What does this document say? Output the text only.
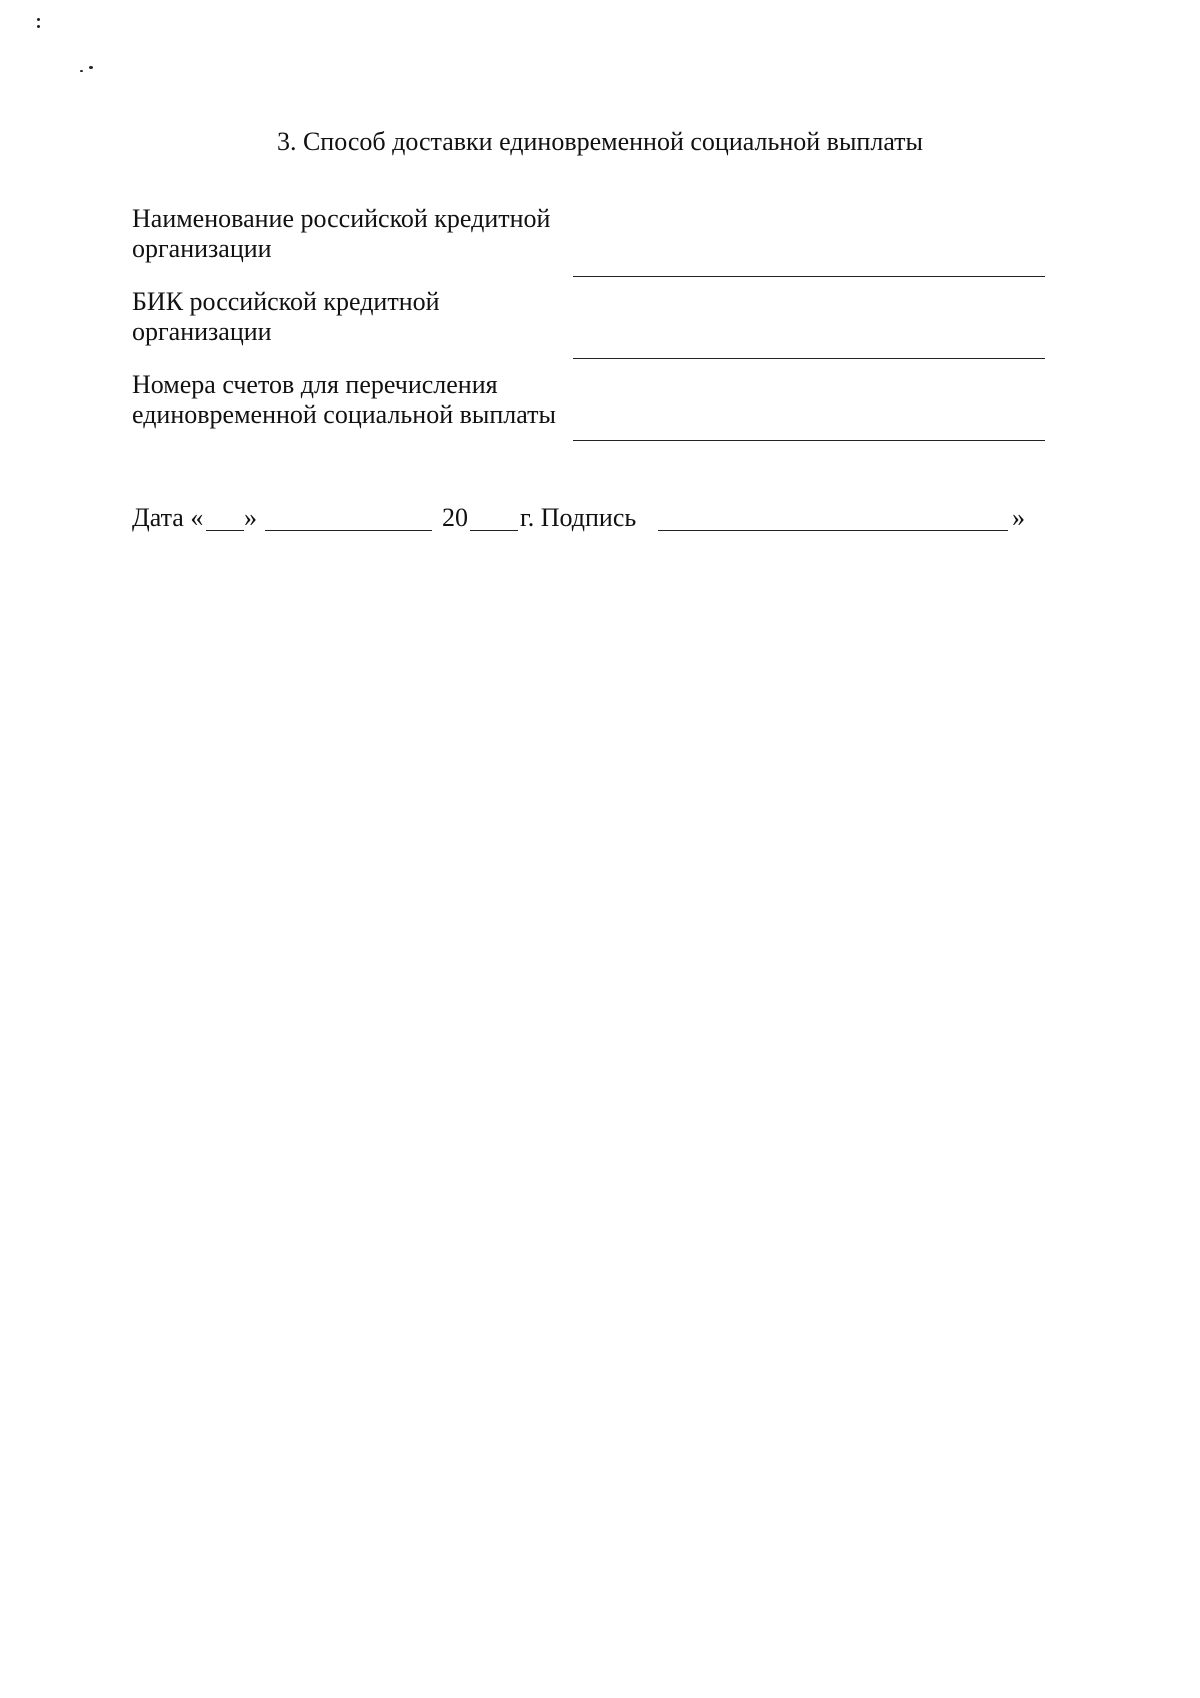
3. Способ доставки единовременной социальной выплаты
Наименование российской кредитной
организации
БИК российской кредитной
организации
Номера счетов для перечисления
единовременной социальной выплаты
Дата « »	20 г. Подпись	»
